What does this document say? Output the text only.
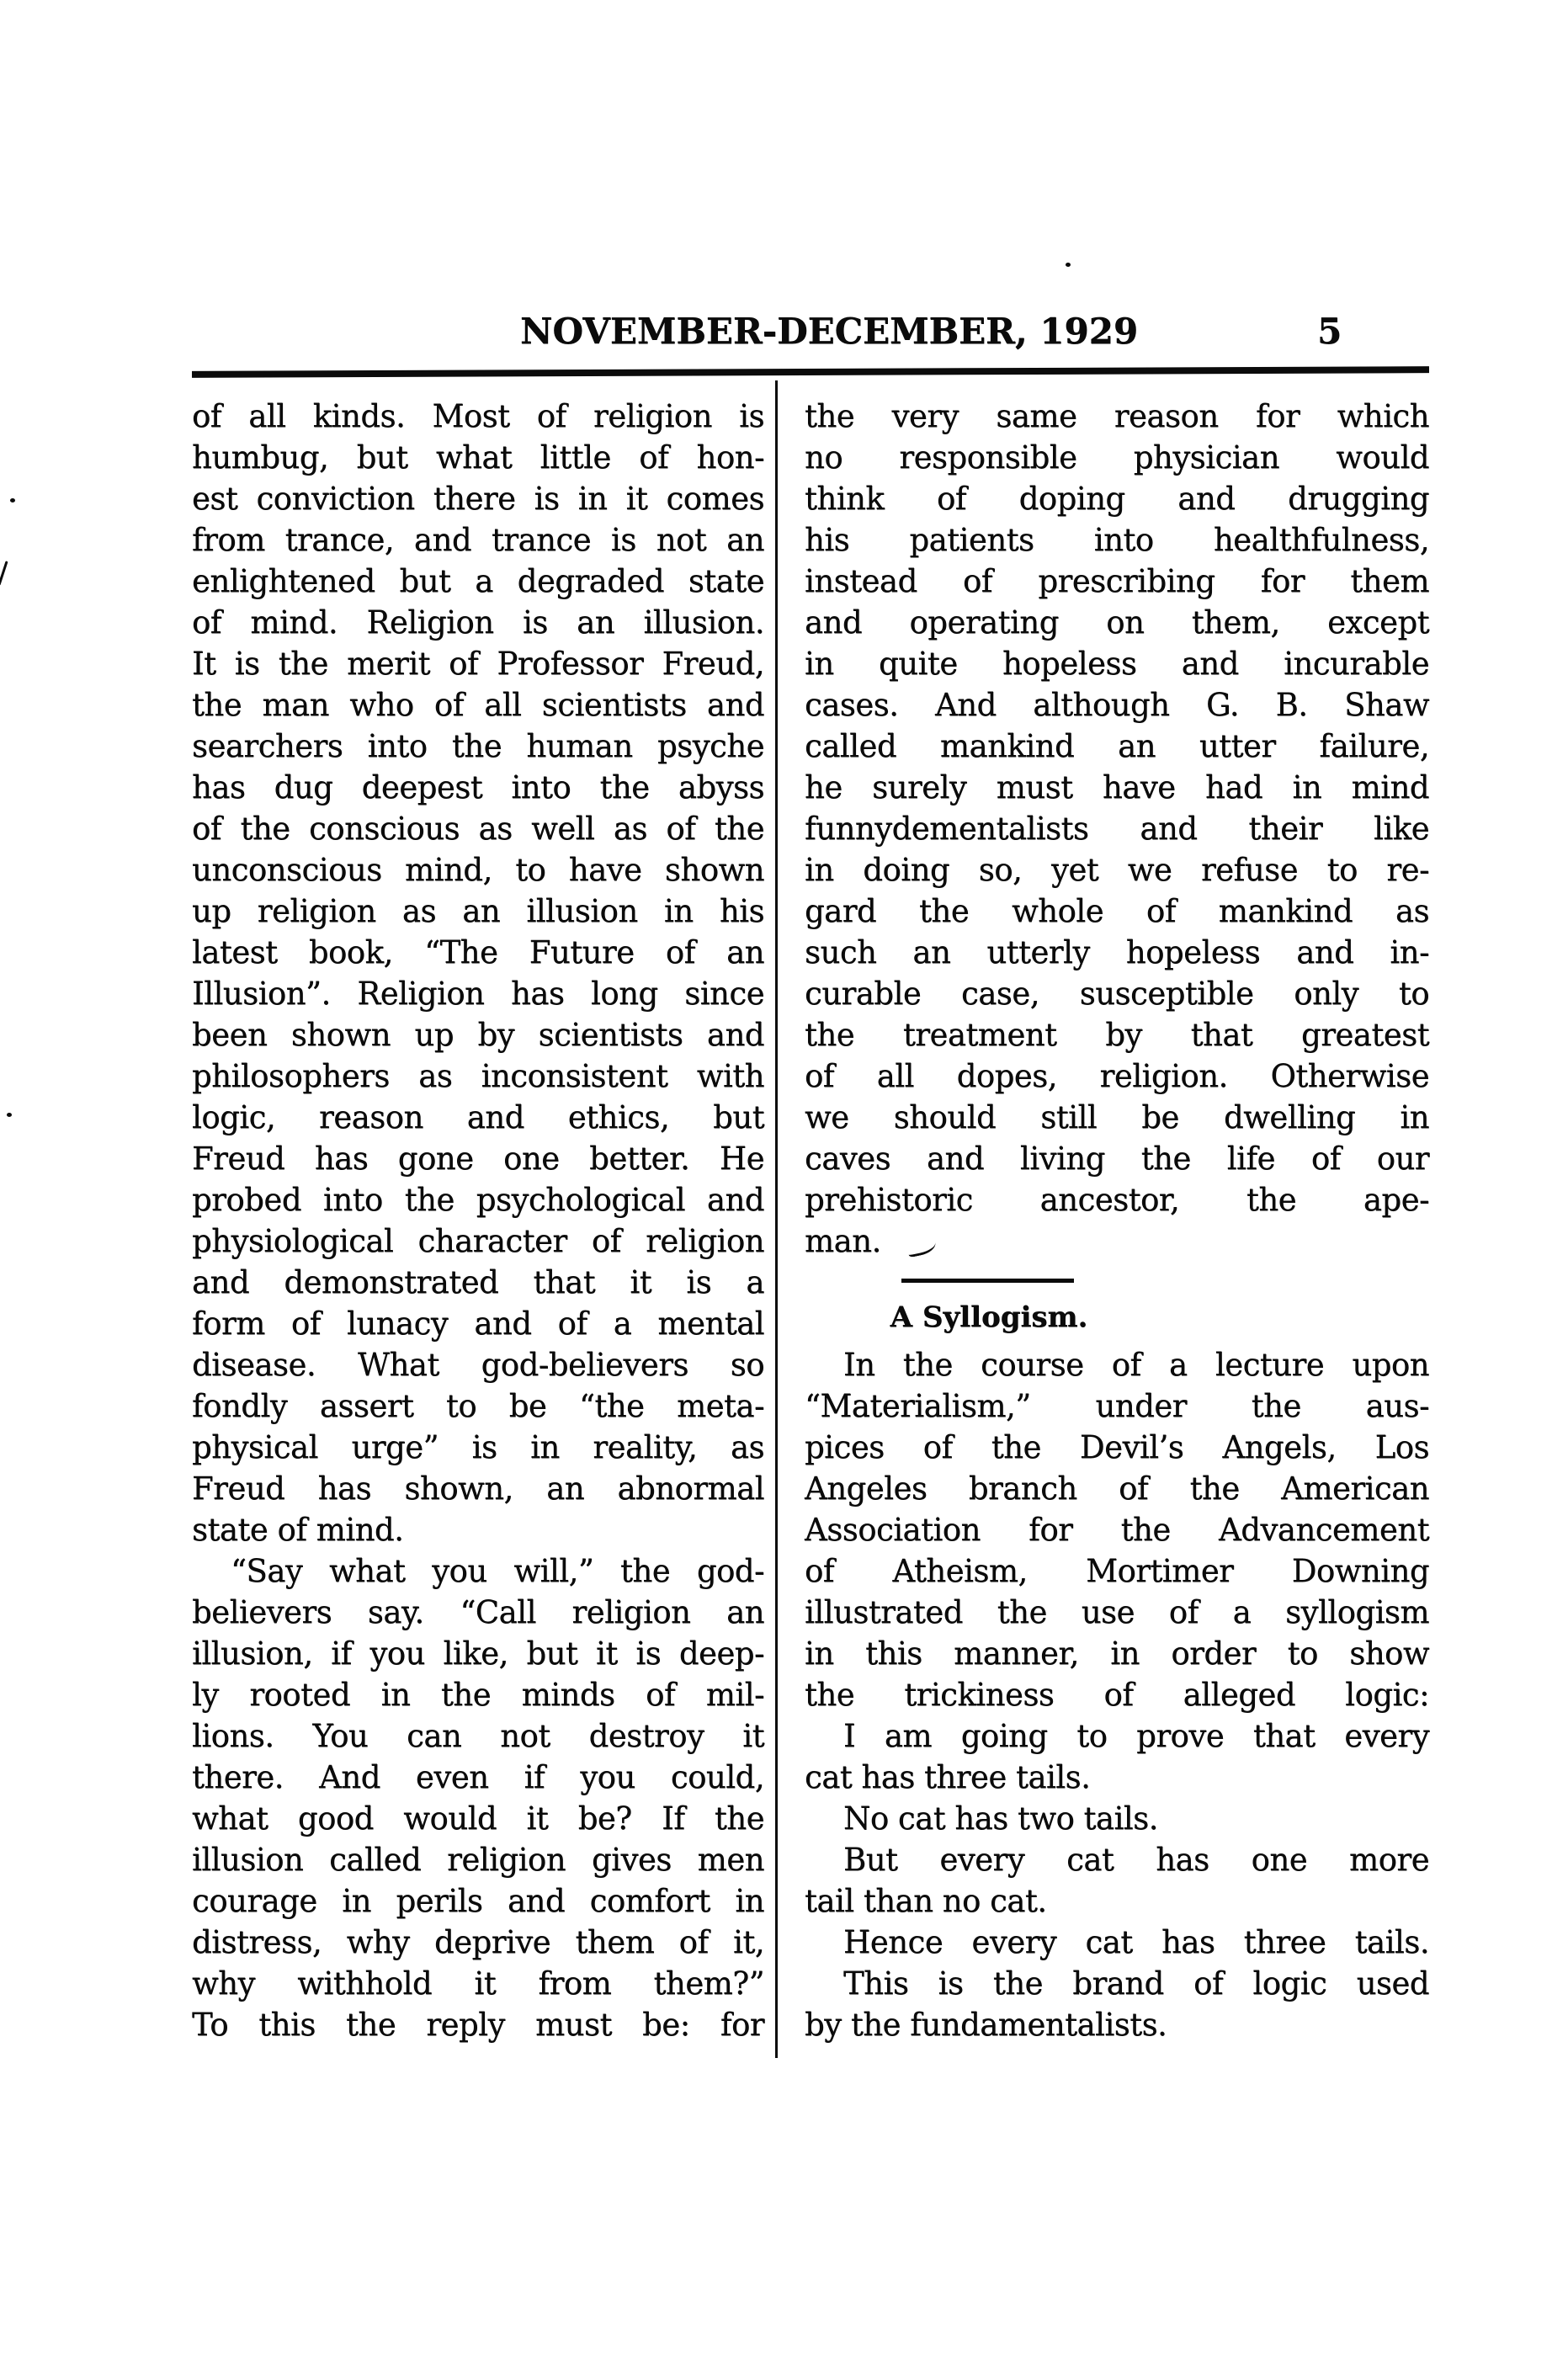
NOVEMBER-DECEMBER, 1929	5
of all kinds. Most of religion is
humbug, but what little of hon-
est conviction there is in it comes
from trance, and trance is not an
enlightened but a degraded state
of mind. Religion is an illusion.
It is the merit of Professor Freud,
the man who of all scientists and
searchers into the human psyche
has dug deepest into the abyss
of the conscious as well as of the
unconscious mind, to have shown
up religion as an illusion in his
latest book, “The Future of an
Illusion”. Religion has long since
been shown up by scientists and
philosophers as inconsistent with
logic, reason and ethics, but
Freud has gone one better. He
probed into the psychological and
physiological character of religion
and demonstrated that it is a
form of lunacy and of a mental
disease. What god-believers so
fondly assert to be “the meta-
physical urge” is in reality, as
Freud has shown, an abnormal
state of mind.
“Say what you will,” the god-
believers say. “Call religion an
illusion, if you like, but it is deep-
ly rooted in the minds of mil-
lions. You can not destroy it
there. And even if you could,
what good would it be? If the
illusion called religion gives men
courage in perils and comfort in
distress, why deprive them of it,
why withhold it from them?”
To this the reply must be: for
the very same reason for which
no responsible physician would
think of doping and drugging
his patients into healthfulness,
instead of prescribing for them
and operating on them, except
in quite hopeless and incurable
cases. And although G. B. Shaw
called mankind an utter failure,
he surely must have had in mind
funnydementalists and their like
in doing so, yet we refuse to re-
gard the whole of mankind as
such an utterly hopeless and in-
curable case, susceptible only to
the treatment by that greatest
of all dopes, religion. Otherwise
we should still be dwelling in
caves and living the life of our
prehistoric ancestor, the ape-
man.
A Syllogism.
In the course of a lecture upon
“Materialism,” under the aus-
pices of the Devil’s Angels, Los
Angeles branch of the American
Association for the Advancement
of Atheism, Mortimer Downing
illustrated the use of a syllogism
in this manner, in order to show
the trickiness of alleged logic:
I am going to prove that every
cat has three tails.
No cat has two tails.
But every cat has one more
tail than no cat.
Hence every cat has three tails.
This is the brand of logic used
by the fundamentalists.
